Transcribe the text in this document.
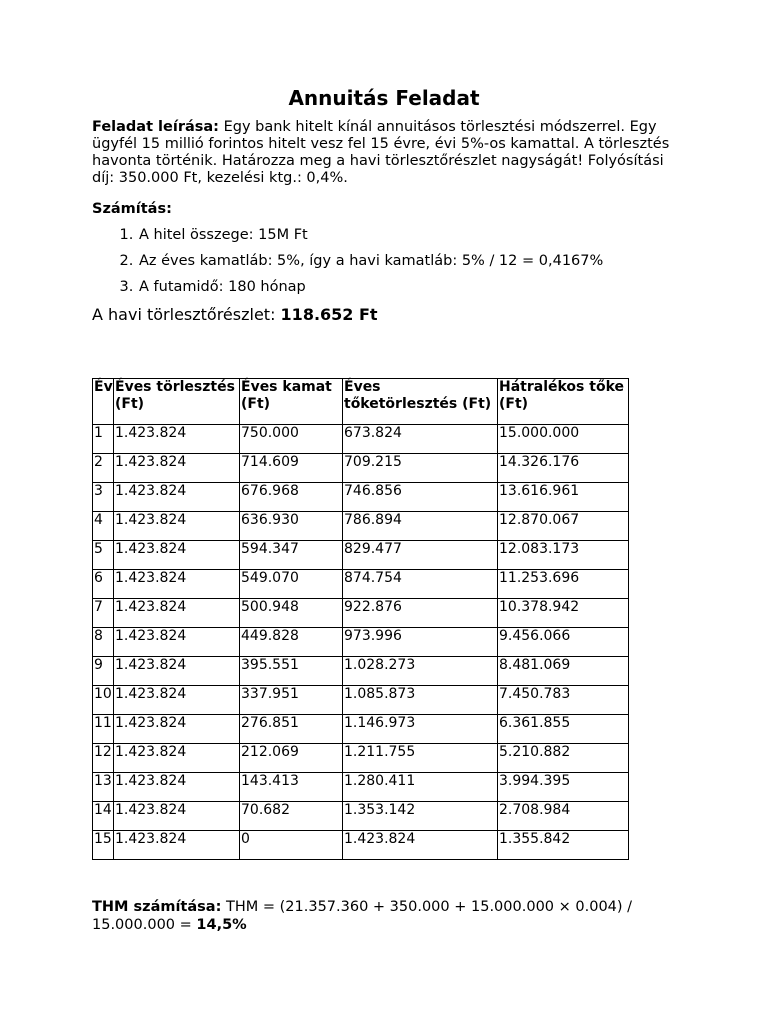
Annuitás Feladat

Feladat leírása: Egy bank hitelt kínál annuitásos törlesztési módszerrel. Egy ügyfél 15 millió forintos hitelt vesz fel 15 évre, évi 5%-os kamattal. A törlesztés havonta történik. Határozza meg a havi törlesztőrészlet nagyságát! Folyósítási díj: 350.000 Ft, kezelési ktg.: 0,4%.

Számítás:

1. A hitel összege: 15M Ft
2. Az éves kamatláb: 5%, így a havi kamatláb: 5% / 12 = 0,4167%
3. A futamidő: 180 hónap
A havi törlesztőrészlet: 118.652 Ft
Év	Éves törlesztés (Ft)	Éves kamat (Ft)	Éves tőketörlesztés (Ft)	Hátralékos tőke (Ft)
1	1.423.824	750.000	673.824	15.000.000
2	1.423.824	714.609	709.215	14.326.176
3	1.423.824	676.968	746.856	13.616.961
4	1.423.824	636.930	786.894	12.870.067
5	1.423.824	594.347	829.477	12.083.173
6	1.423.824	549.070	874.754	11.253.696
7	1.423.824	500.948	922.876	10.378.942
8	1.423.824	449.828	973.996	9.456.066
9	1.423.824	395.551	1.028.273	8.481.069
10	1.423.824	337.951	1.085.873	7.450.783
11	1.423.824	276.851	1.146.973	6.361.855
12	1.423.824	212.069	1.211.755	5.210.882
13	1.423.824	143.413	1.280.411	3.994.395
14	1.423.824	70.682	1.353.142	2.708.984
15	1.423.824	0	1.423.824	1.355.842

THM számítása: THM = (21.357.360 + 350.000 + 15.000.000 × 0.004) / 15.000.000 = 14,5%
